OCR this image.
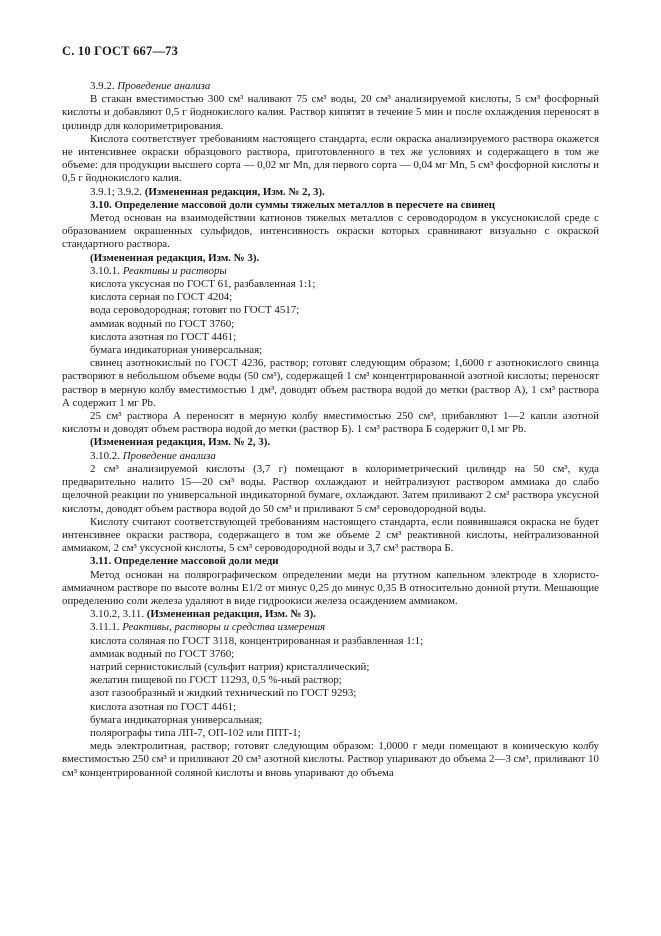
С. 10 ГОСТ 667—73

3.9.2. Проведение анализа

В стакан вместимостью 300 см³ наливают 75 см³ воды, 20 см³ анализируемой кислоты, 5 см³ фосфорный кислоты и добавляют 0,5 г йоднокислого калия. Раствор кипятят в течение 5 мин и после охлаждения переносят в цилиндр для колориметрирования.

Кислота соответствует требованиям настоящего стандарта, если окраска анализируемого раствора окажется не интенсивнее окраски образцового раствора, приготовленного в тех же условиях и содержащего в том же объеме: для продукции высшего сорта — 0,02 мг Mn, для первого сорта — 0,04 мг Mn, 5 см³ фосфорной кислоты и 0,5 г йоднокислого калия.

3.9.1; 3.9.2. (Измененная редакция, Изм. № 2, 3).

3.10. Определение массовой доли суммы тяжелых металлов в пересчете на свинец

Метод основан на взаимодействии катионов тяжелых металлов с сероводородом в уксуснокислой среде с образованием окрашенных сульфидов, интенсивность окраски которых сравнивают визуально с окраской стандартного раствора.

(Измененная редакция, Изм. № 3).

3.10.1. Реактивы и растворы

кислота уксусная по ГОСТ 61, разбавленная 1:1;

кислота серная по ГОСТ 4204;

вода сероводородная; готовят по ГОСТ 4517;

аммиак водный по ГОСТ 3760;

кислота азотная по ГОСТ 4461;

бумага индикаторная универсальная;

свинец азотнокислый по ГОСТ 4236, раствор; готовят следующим образом; 1,6000 г азотнокислого свинца растворяют в небольшом объеме воды (50 см³), содержащей 1 см³ концентрированной азотной кислоты; переносят раствор в мерную колбу вместимостью 1 дм³, доводят объем раствора водой до метки (раствор А), 1 см³ раствора А содержит 1 мг Pb.

25 см³ раствора А переносят в мерную колбу вместимостью 250 см³, прибавляют 1—2 капли азотной кислоты и доводят объем раствора водой до метки (раствор Б). 1 см³ раствора Б содержит 0,1 мг Pb.

(Измененная редакция, Изм. № 2, 3).

3.10.2. Проведение анализа

2 см³ анализируемой кислоты (3,7 г) помещают в колориметрический цилиндр на 50 см³, куда предварительно налито 15—20 см³ воды. Раствор охлаждают и нейтрализуют раствором аммиака до слабо щелочной реакции по универсальной индикаторной бумаге, охлаждают. Затем приливают 2 см³ раствора уксусной кислоты, доводят объем раствора водой до 50 см³ и приливают 5 см³ сероводородной воды.

Кислоту считают соответствующей требованиям настоящего стандарта, если появившаяся окраска не будет интенсивнее окраски раствора, содержащего в том же объеме 2 см³ реактивной кислоты, нейтрализованной аммиаком, 2 см³ уксусной кислоты, 5 см³ сероводородной воды и 3,7 см³ раствора Б.

3.11. Определение массовой доли меди

Метод основан на полярографическом определении меди на ртутном капельном электроде в хлористо-аммиачном растворе по высоте волны E1/2 от минус 0,25 до минус 0,35 В относительно донной ртути. Мешающие определению соли железа удаляют в виде гидроокиси железа осаждением аммиаком.

3.10.2, 3.11. (Измененная редакция, Изм. № 3).

3.11.1. Реактивы, растворы и средства измерения

кислота соляная по ГОСТ 3118, концентрированная и разбавленная 1:1;

аммиак водный по ГОСТ 3760;

натрий сернистокислый (сульфит натрия) кристаллический;

желатин пищевой по ГОСТ 11293, 0,5 %-ный раствор;

азот газообразный и жидкий технический по ГОСТ 9293;

кислота азотная по ГОСТ 4461;

бумага индикаторная универсальная;

полярографы типа ЛП-7, ОП-102 или ППТ-1;

медь электролитная, раствор; готовят следующим образом: 1,0000 г меди помещают в коническую колбу вместимостью 250 см³ и приливают 20 см³ азотной кислоты. Раствор упаривают до объема 2—3 см³, приливают 10 см³ концентрированной соляной кислоты и вновь упаривают до объема
